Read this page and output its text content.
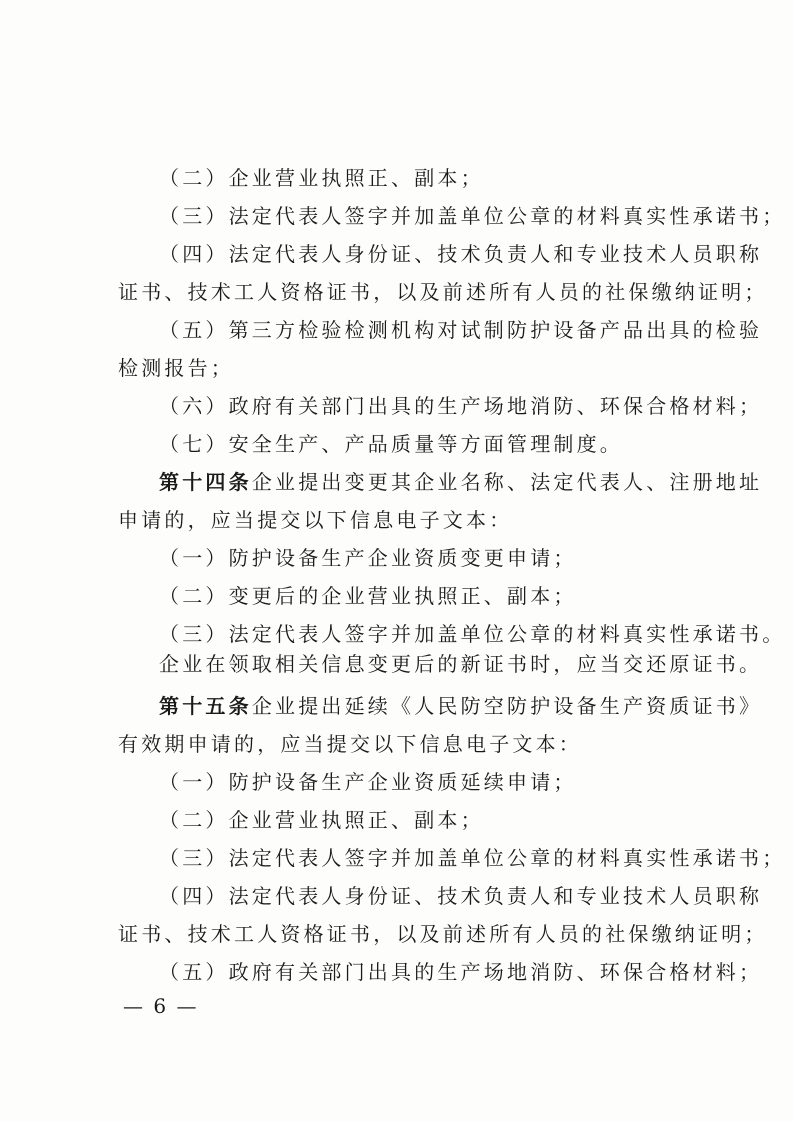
（二）企业营业执照正、副本；
（三）法定代表人签字并加盖单位公章的材料真实性承诺书；
（四）法定代表人身份证、技术负责人和专业技术人员职称
证书、技术工人资格证书，以及前述所有人员的社保缴纳证明；
（五）第三方检验检测机构对试制防护设备产品出具的检验
检测报告；
（六）政府有关部门出具的生产场地消防、环保合格材料；
（七）安全生产、产品质量等方面管理制度。
第十四条企业提出变更其企业名称、法定代表人、注册地址
申请的，应当提交以下信息电子文本：
（一）防护设备生产企业资质变更申请；
（二）变更后的企业营业执照正、副本；
（三）法定代表人签字并加盖单位公章的材料真实性承诺书。
企业在领取相关信息变更后的新证书时，应当交还原证书。
第十五条企业提出延续《人民防空防护设备生产资质证书》
有效期申请的，应当提交以下信息电子文本：
（一）防护设备生产企业资质延续申请；
（二）企业营业执照正、副本；
（三）法定代表人签字并加盖单位公章的材料真实性承诺书；
（四）法定代表人身份证、技术负责人和专业技术人员职称
证书、技术工人资格证书，以及前述所有人员的社保缴纳证明；
（五）政府有关部门出具的生产场地消防、环保合格材料；
— 6 —
